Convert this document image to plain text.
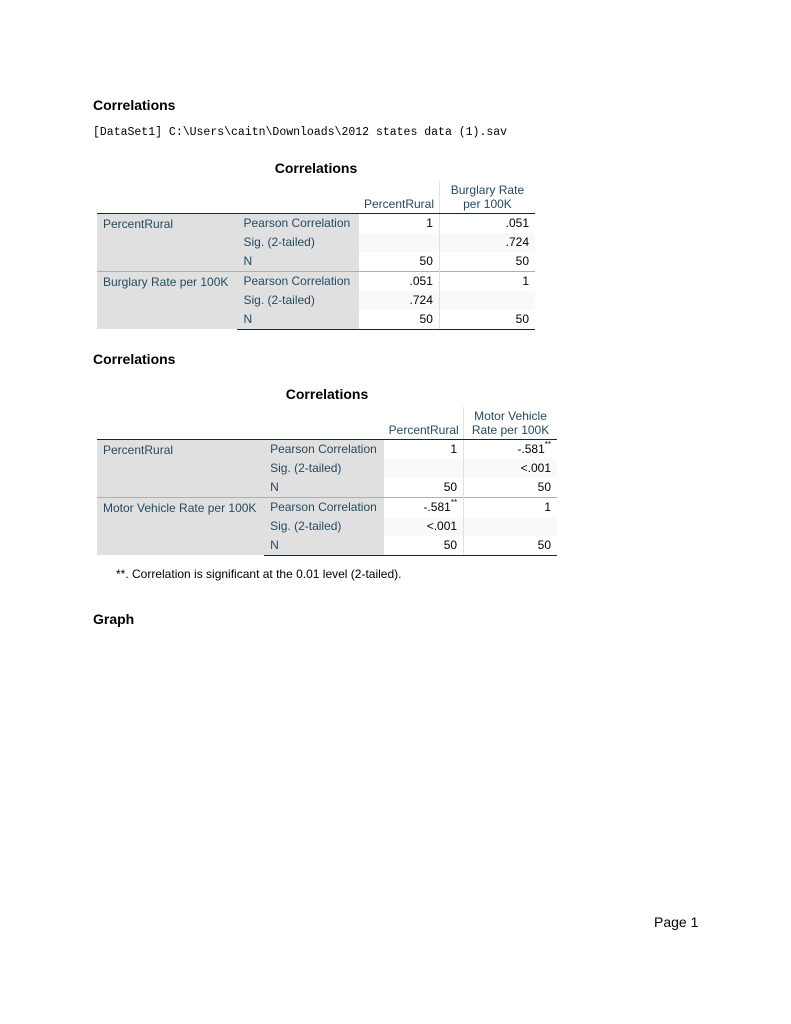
Correlations
[DataSet1] C:\Users\caitn\Downloads\2012 states data (1).sav
Correlations
		PercentRural	Burglary Rate
per 100K
PercentRural	Pearson Correlation	1	.051
	Sig. (2-tailed)		.724
	N	50	50
Burglary Rate per 100K	Pearson Correlation	.051	1
	Sig. (2-tailed)	.724	
	N	50	50
Correlations
Correlations
		PercentRural	Motor Vehicle
Rate per 100K
PercentRural	Pearson Correlation	1	-.581**
	Sig. (2-tailed)		<.001
	N	50	50
Motor Vehicle Rate per 100K	Pearson Correlation	-.581**	1
	Sig. (2-tailed)	<.001	
	N	50	50
**. Correlation is significant at the 0.01 level (2-tailed).
Graph
Page 1
